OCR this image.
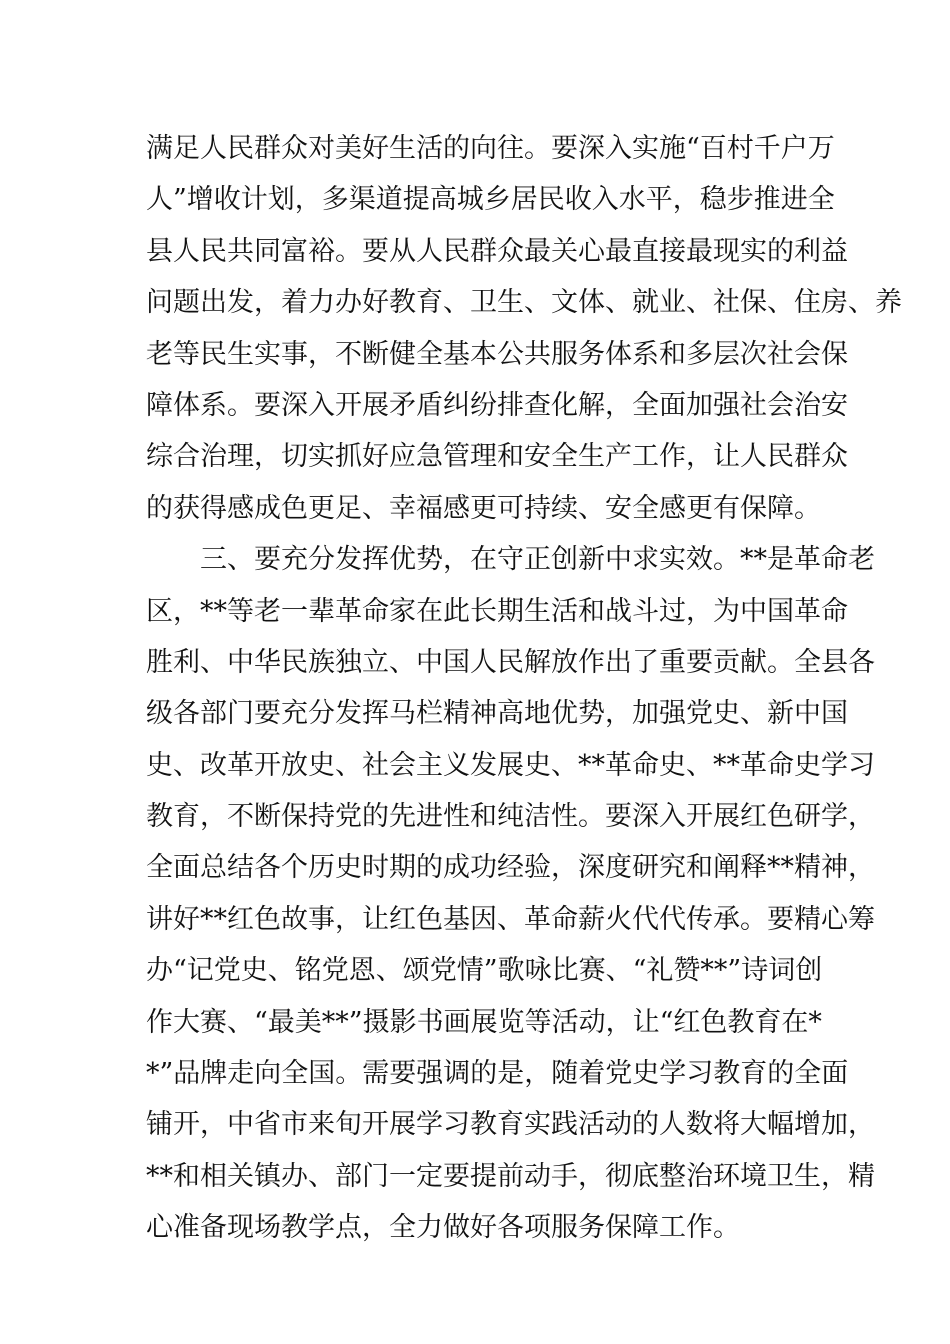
满足人民群众对美好生活的向往。要深入实施“百村千户万
人”增收计划，多渠道提高城乡居民收入水平，稳步推进全
县人民共同富裕。要从人民群众最关心最直接最现实的利益
问题出发，着力办好教育、卫生、文体、就业、社保、住房、养
老等民生实事，不断健全基本公共服务体系和多层次社会保
障体系。要深入开展矛盾纠纷排查化解，全面加强社会治安
综合治理，切实抓好应急管理和安全生产工作，让人民群众
的获得感成色更足、幸福感更可持续、安全感更有保障。
　　三、要充分发挥优势，在守正创新中求实效。**是革命老
区，**等老一辈革命家在此长期生活和战斗过，为中国革命
胜利、中华民族独立、中国人民解放作出了重要贡献。全县各
级各部门要充分发挥马栏精神高地优势，加强党史、新中国
史、改革开放史、社会主义发展史、**革命史、**革命史学习
教育，不断保持党的先进性和纯洁性。要深入开展红色研学，
全面总结各个历史时期的成功经验，深度研究和阐释**精神，
讲好**红色故事，让红色基因、革命薪火代代传承。要精心筹
办“记党史、铭党恩、颂党情”歌咏比赛、“礼赞**”诗词创
作大赛、“最美**”摄影书画展览等活动，让“红色教育在*
*”品牌走向全国。需要强调的是，随着党史学习教育的全面
铺开，中省市来旬开展学习教育实践活动的人数将大幅增加，
**和相关镇办、部门一定要提前动手，彻底整治环境卫生，精
心准备现场教学点，全力做好各项服务保障工作。
